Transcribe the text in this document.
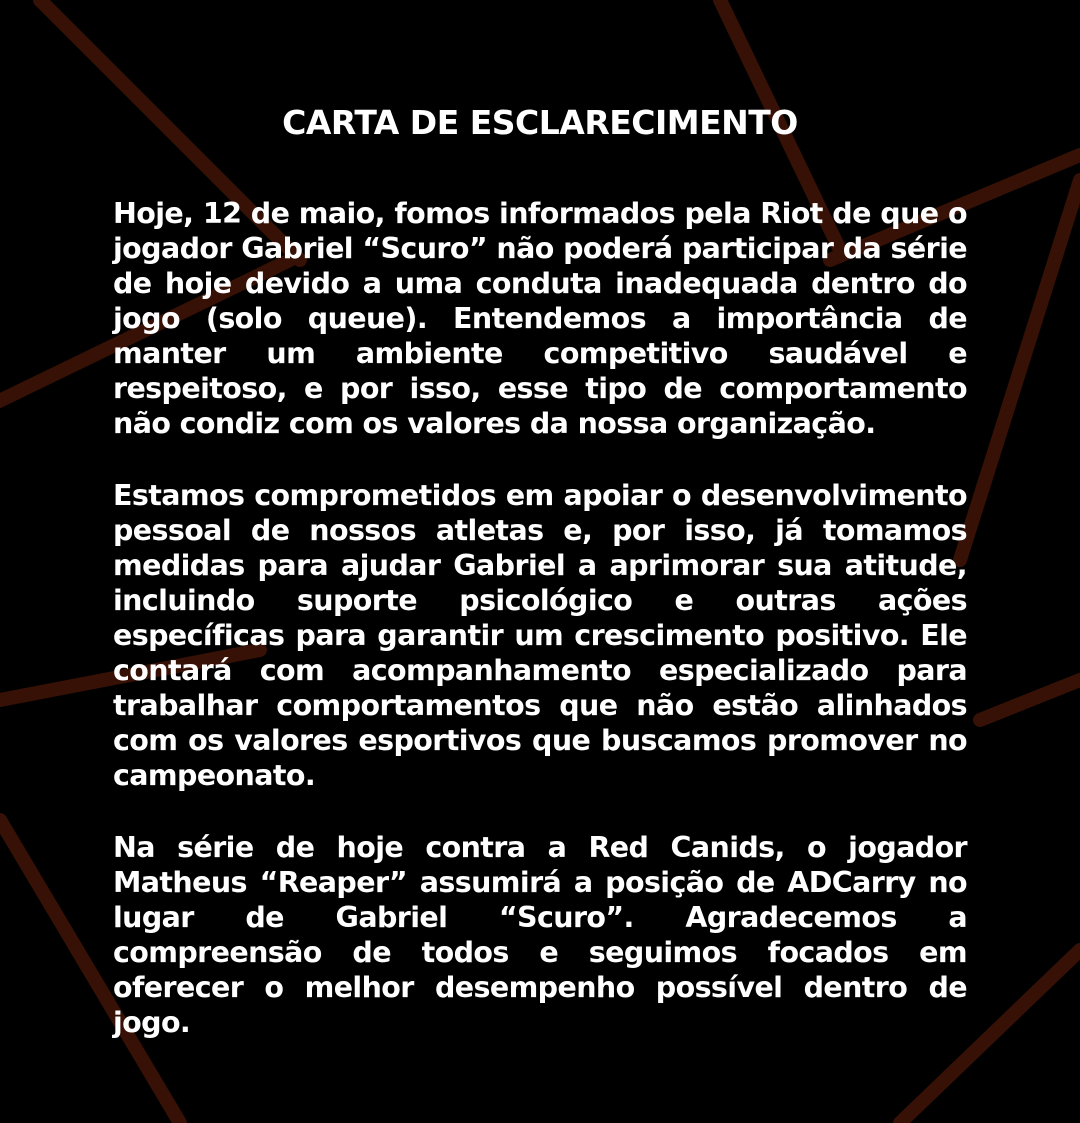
CARTA DE ESCLARECIMENTO

Hoje, 12 de maio, fomos informados pela Riot de que o jogador Gabriel “Scuro” não poderá participar da série de hoje devido a uma conduta inadequada dentro do jogo (solo queue). Entendemos a importância de manter um ambiente competitivo saudável e respeitoso, e por isso, esse tipo de comportamento não condiz com os valores da nossa organização.

Estamos comprometidos em apoiar o desenvolvimento pessoal de nossos atletas e, por isso, já tomamos medidas para ajudar Gabriel a aprimorar sua atitude, incluindo suporte psicológico e outras ações específicas para garantir um crescimento positivo. Ele contará com acompanhamento especializado para trabalhar comportamentos que não estão alinhados com os valores esportivos que buscamos promover no campeonato.

Na série de hoje contra a Red Canids, o jogador Matheus “Reaper” assumirá a posição de ADCarry no lugar de Gabriel “Scuro”. Agradecemos a compreensão de todos e seguimos focados em oferecer o melhor desempenho possível dentro de jogo.
